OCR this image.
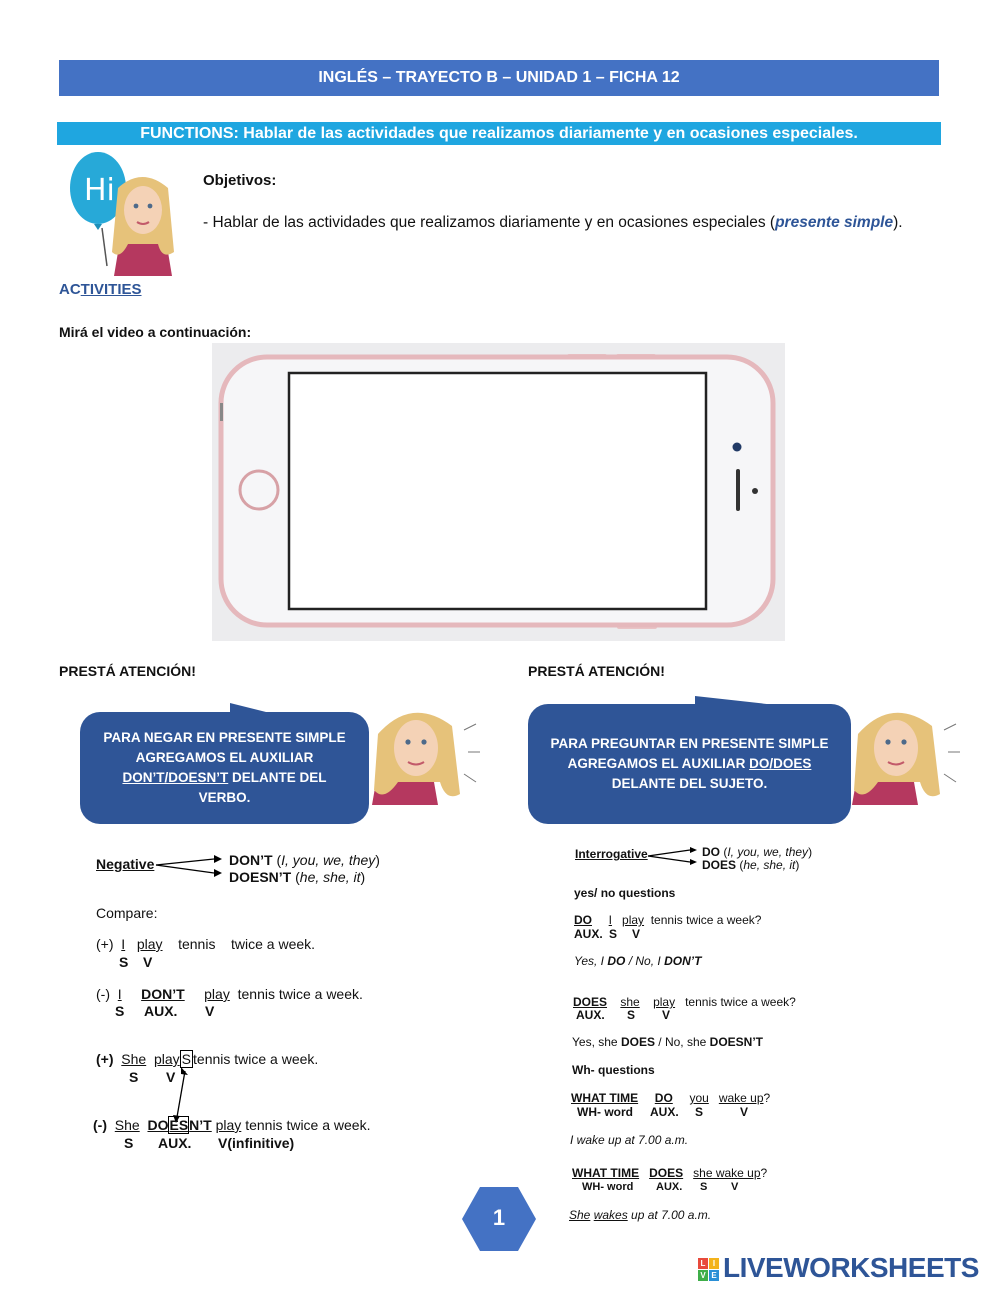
INGLÉS – TRAYECTO B – UNIDAD 1 – FICHA 12
FUNCTIONS: Hablar de las actividades que realizamos diariamente y en ocasiones especiales.
Hi	Objetivos:
- Hablar de las actividades que realizamos diariamente y en ocasiones especiales (presente simple).
ACTIVITIES
Mirá el video a continuación:
PRESTÁ ATENCIÓN!
PARA NEGAR EN PRESENTE SIMPLE
AGREGAMOS EL AUXILIAR
DON’T/DOESN’T DELANTE DEL
VERBO.
Negative	DON’T (I, you, we, they)
DOESN’T (he, she, it)
Compare:
(+) I play tennis twice a week.
S V
(-) I DON’T play tennis twice a week.
S AUX. V
(+) She play S tennis twice a week.
S V
(-) She DOESN’T play tennis twice a week.
S AUX. V(infinitive)
PRESTÁ ATENCIÓN!
PARA PREGUNTAR EN PRESENTE SIMPLE
AGREGAMOS EL AUXILIAR DO/DOES
DELANTE DEL SUJETO.
Interrogative	DO (I, you, we, they)
DOES (he, she, it)
yes/ no questions
DO I play tennis twice a week?
AUX. S V
Yes, I DO / No, I DON’T
DOES she play tennis twice a week?
AUX. S V
Yes, she DOES / No, she DOESN’T
Wh- questions
WHAT TIME DO you wake up?
WH- word AUX. S	V
I wake up at 7.00 a.m.
WHAT TIME DOES she wake up?
WH- word AUX. S V
She wakes up at 7.00 a.m.
1
L I
V E LIVEWORKSHEETS
